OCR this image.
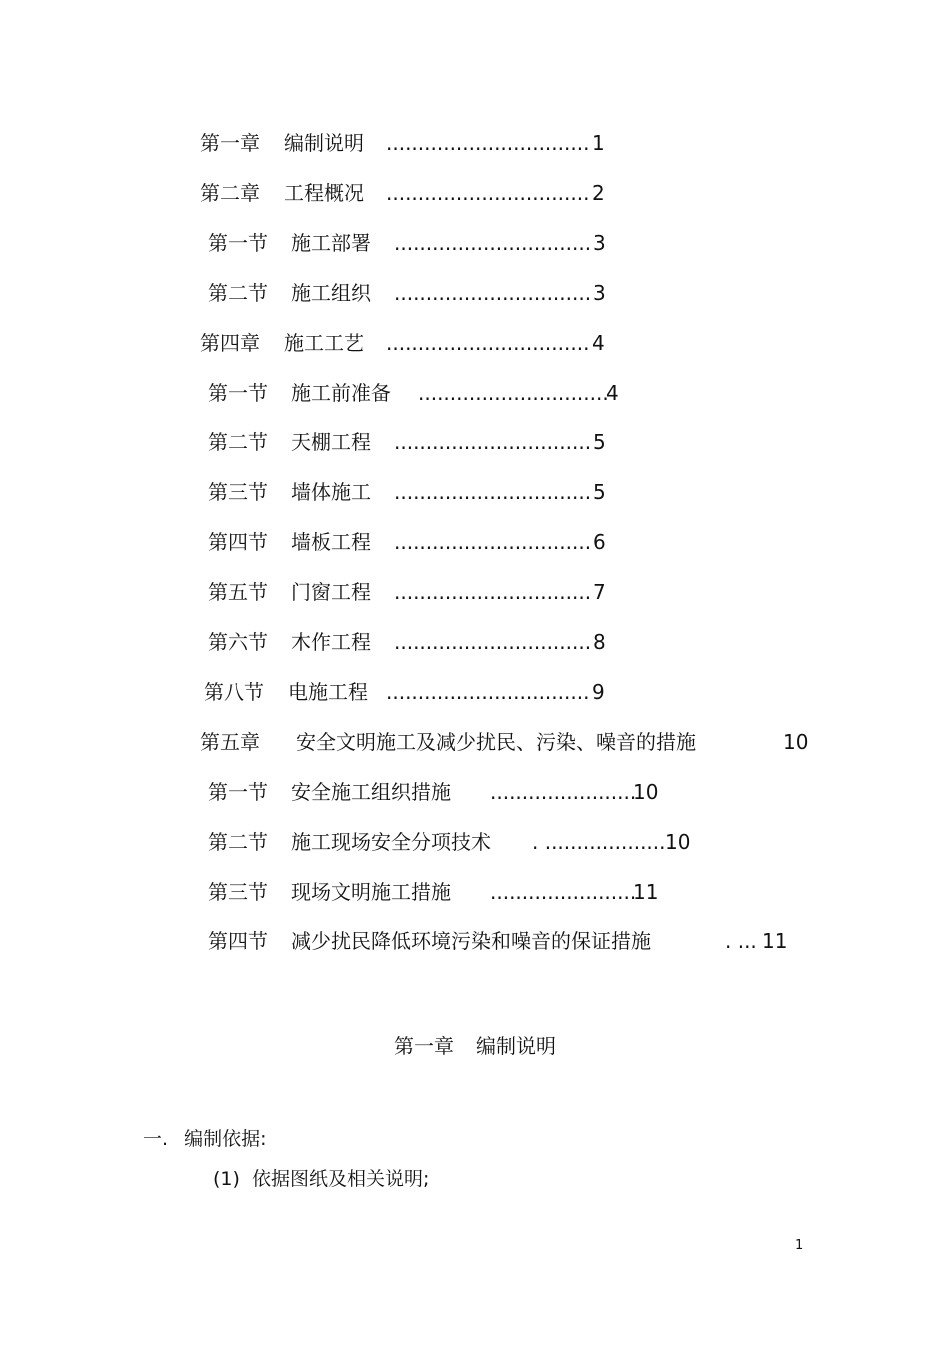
第一章 编制说明 ................................ 1
第二章 工程概况 ................................ 2
第一节 施工部署 ............................... 3
第二节 施工组织 ............................... 3
第四章 施工工艺 ................................ 4
第一节 施工前准备 ..............................
4
第二节 天棚工程 ............................... 5
第三节 墙体施工 ............................... 5
第四节 墙板工程 ............................... 6
第五节 门窗工程 ............................... 7
第六节 木作工程 ............................... 8
第八节 电施工程 ................................ 9
第五章 安全文明施工及减少扰民、污染、噪音的措施	10
第一节 安全施工组织措施 .......................
10
第二节 施工现场安全分项技术 . ................... 10
第三节 现场文明施工措施 .......................
11
第四节 减少扰民降低环境污染和噪音的保证措施	. ... 11
第一章 编制说明
一. 编制依据:
(1) 依据图纸及相关说明;
1
